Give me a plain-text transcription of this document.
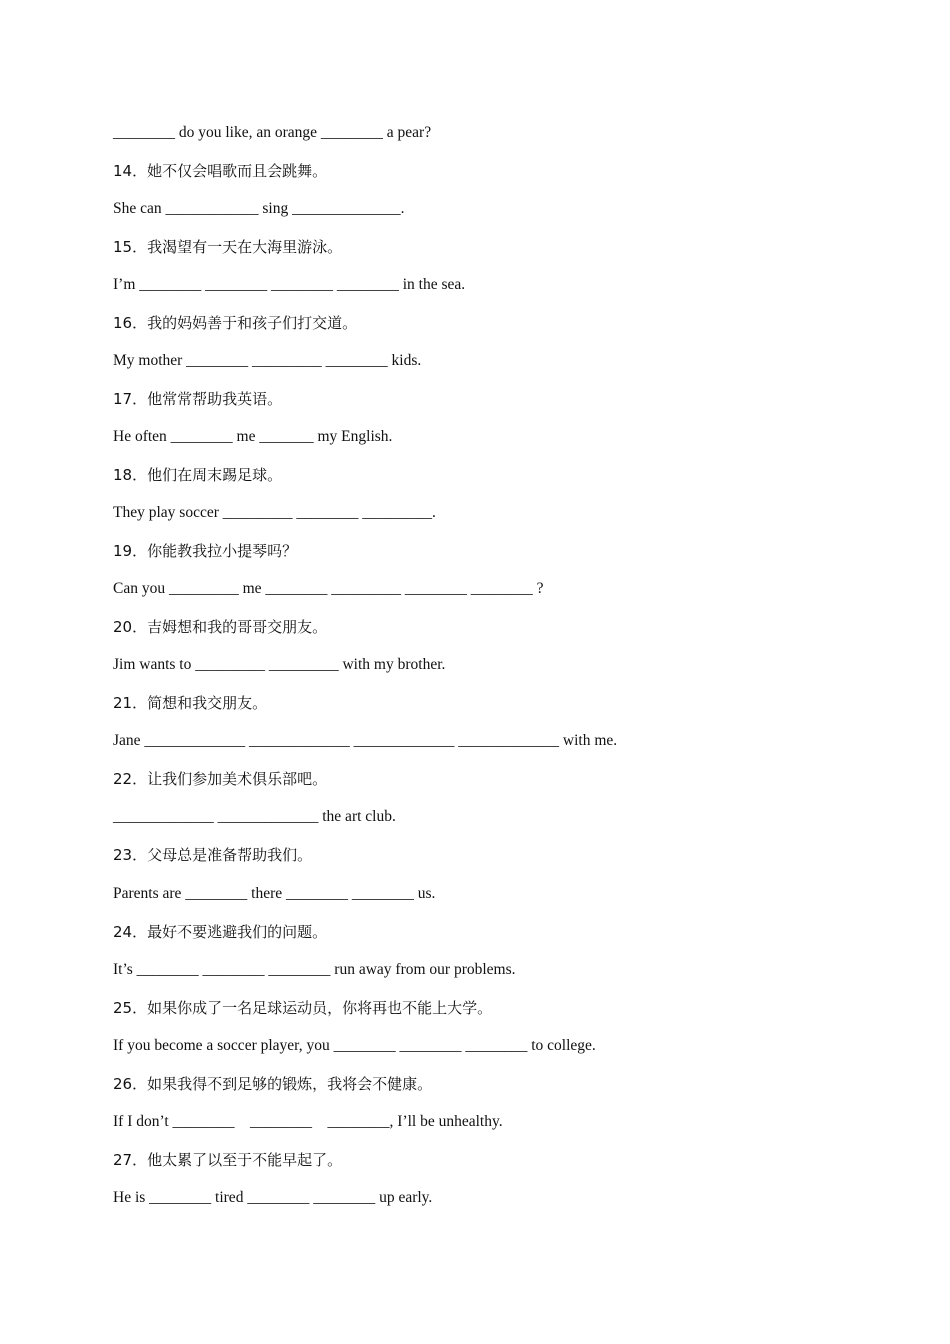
________ do you like, an orange ________ a pear?
14．她不仅会唱歌而且会跳舞。
She can ____________ sing ______________.
15．我渴望有一天在大海里游泳。
I’m ________ ________ ________ ________ in the sea.
16．我的妈妈善于和孩子们打交道。
My mother ________ _________ ________ kids.
17．他常常帮助我英语。
He often ________ me _______ my English.
18．他们在周末踢足球。
They play soccer _________ ________ _________.
19．你能教我拉小提琴吗？
Can you _________ me ________ _________ ________ ________ ?
20．吉姆想和我的哥哥交朋友。
Jim wants to _________ _________ with my brother.
21．简想和我交朋友。
Jane _____________ _____________ _____________ _____________ with me.
22．让我们参加美术俱乐部吧。
_____________ _____________ the art club.
23．父母总是准备帮助我们。
Parents are ________ there ________ ________ us.
24．最好不要逃避我们的问题。
It’s ________ ________ ________ run away from our problems.
25．如果你成了一名足球运动员，你将再也不能上大学。
If you become a soccer player, you ________ ________ ________ to college.
26．如果我得不到足够的锻炼，我将会不健康。
If I don’t ________    ________    ________, I’ll be unhealthy.
27．他太累了以至于不能早起了。
He is ________ tired ________ ________ up early.
